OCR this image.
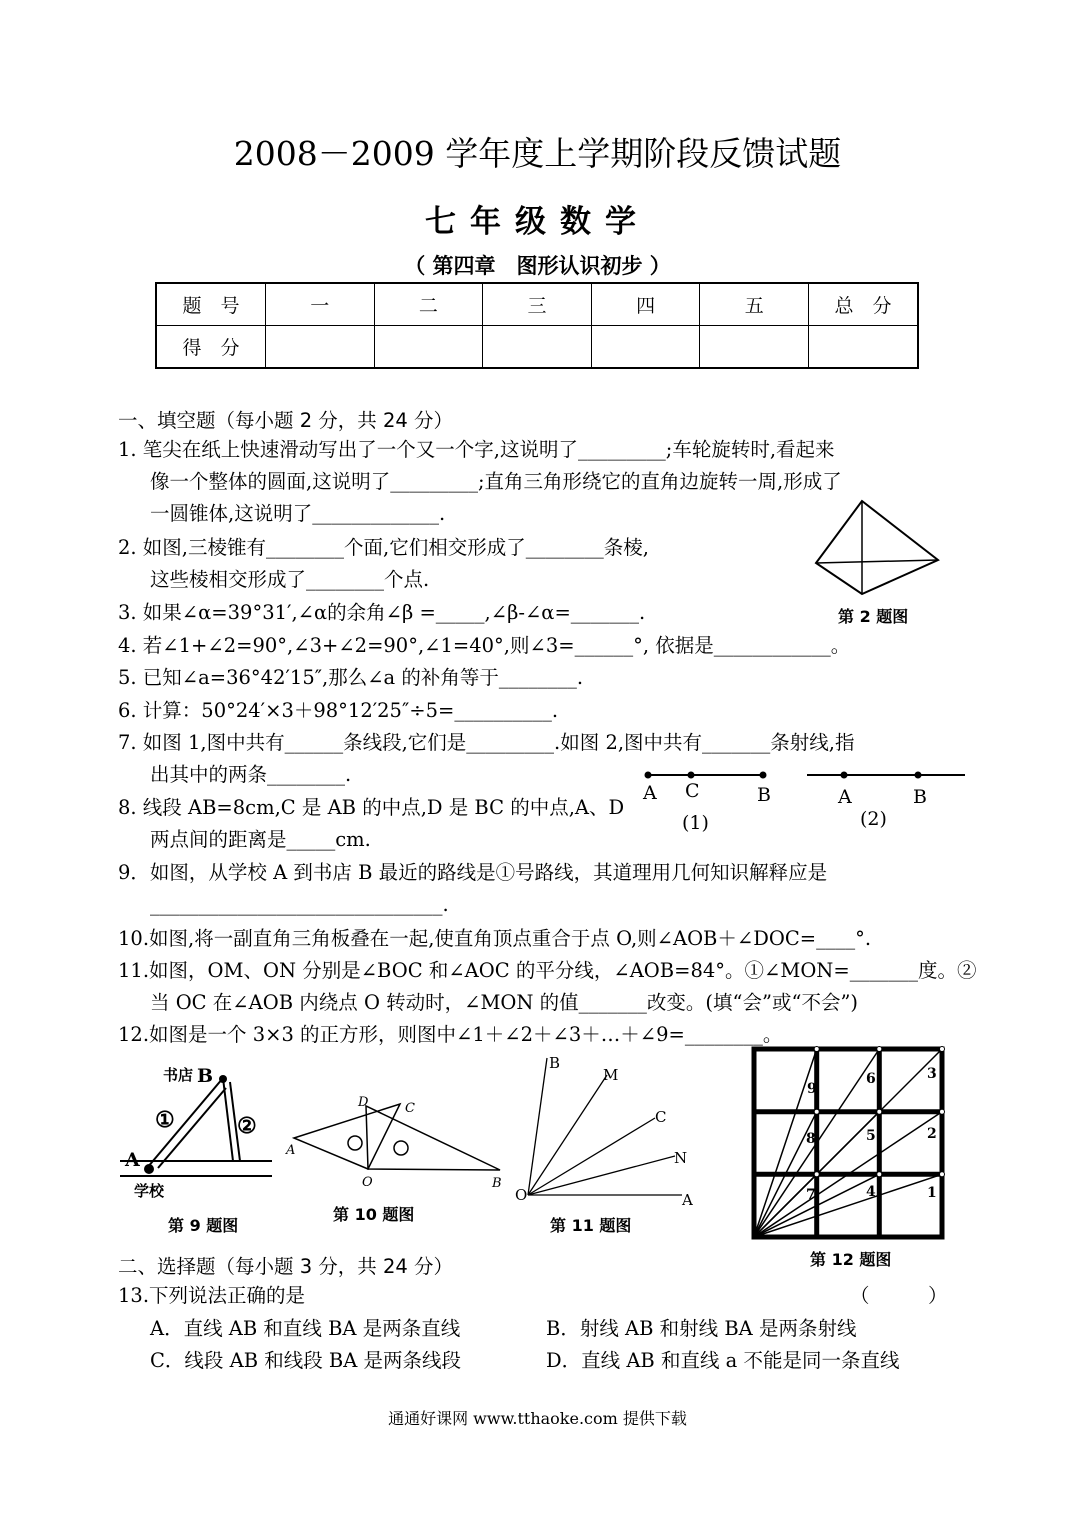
2008－2009 学年度上学期阶段反馈试题
七年级数学
（ 第四章　图形认识初步 ）
题　号	一	二	三	四	五	总　分
得　分						
一、填空题（每小题 2 分，共 24 分）
1. 笔尖在纸上快速滑动写出了一个又一个字,这说明了_________;车轮旋转时,看起来
像一个整体的圆面,这说明了_________;直角三角形绕它的直角边旋转一周,形成了
一圆锥体,这说明了_____________.
2. 如图,三棱锥有________个面,它们相交形成了________条棱,
这些棱相交形成了________个点.
3. 如果∠α=39°31′,∠α的余角∠β =_____,∠β-∠α=_______.
4. 若∠1+∠2=90°,∠3+∠2=90°,∠1=40°,则∠3=______°, 依据是____________。
5. 已知∠a=36°42′15″,那么∠a 的补角等于________.
6. 计算：50°24′×3＋98°12′25″÷5=__________.
7. 如图 1,图中共有______条线段,它们是_________.如图 2,图中共有_______条射线,指
出其中的两条________.
8. 线段 AB=8cm,C 是 AB 的中点,D 是 BC 的中点,A、D
两点间的距离是_____cm.
9．如图，从学校 A 到书店 B 最近的路线是①号路线，其道理用几何知识解释应是
______________________________.
10.如图,将一副直角三角板叠在一起,使直角顶点重合于点 O,则∠AOB＋∠DOC=____°.
11.如图，OM、ON 分别是∠BOC 和∠AOC 的平分线，∠AOB=84°。①∠MON=_______度。②
当 OC 在∠AOB 内绕点 O 转动时，∠MON 的值_______改变。(填“会”或“不会”)
12.如图是一个 3×3 的正方形，则图中∠1＋∠2＋∠3＋…＋∠9=________。
第 2 题图
A C	B
(1)
A	B
(2)
书店 B
①	②
A
学校
第 9 题图
D	C
A
O	B
第 10 题图
B
M
C
N
O	A
第 11 题图
9
6	3
8	5	2
7	4	1
第 12 题图
二、选择题（每小题 3 分，共 24 分）
13.下列说法正确的是	（　　　）
A．直线 AB 和直线 BA 是两条直线	B．射线 AB 和射线 BA 是两条射线
C．线段 AB 和线段 BA 是两条线段	D．直线 AB 和直线 a 不能是同一条直线
通通好课网 www.tthaoke.com 提供下载
